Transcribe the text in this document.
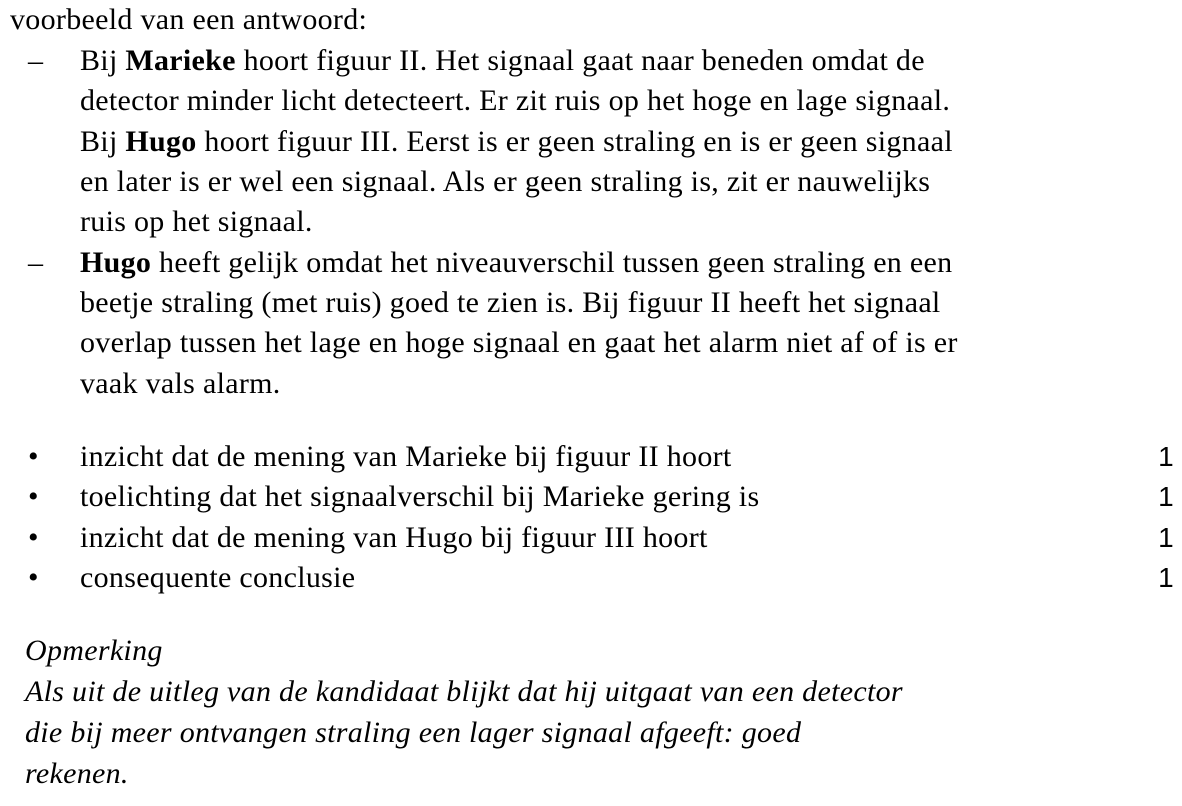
voorbeeld van een antwoord:
– Bij Marieke hoort figuur II. Het signaal gaat naar beneden omdat de
detector minder licht detecteert. Er zit ruis op het hoge en lage signaal.
Bij Hugo hoort figuur III. Eerst is er geen straling en is er geen signaal
en later is er wel een signaal. Als er geen straling is, zit er nauwelijks
ruis op het signaal.
– Hugo heeft gelijk omdat het niveauverschil tussen geen straling en een
beetje straling (met ruis) goed te zien is. Bij figuur II heeft het signaal
overlap tussen het lage en hoge signaal en gaat het alarm niet af of is er
vaak vals alarm.
• inzicht dat de mening van Marieke bij figuur II hoort	1
• toelichting dat het signaalverschil bij Marieke gering is	1
• inzicht dat de mening van Hugo bij figuur III hoort	1
• consequente conclusie	1
Opmerking
Als uit de uitleg van de kandidaat blijkt dat hij uitgaat van een detector
die bij meer ontvangen straling een lager signaal afgeeft: goed
rekenen.
